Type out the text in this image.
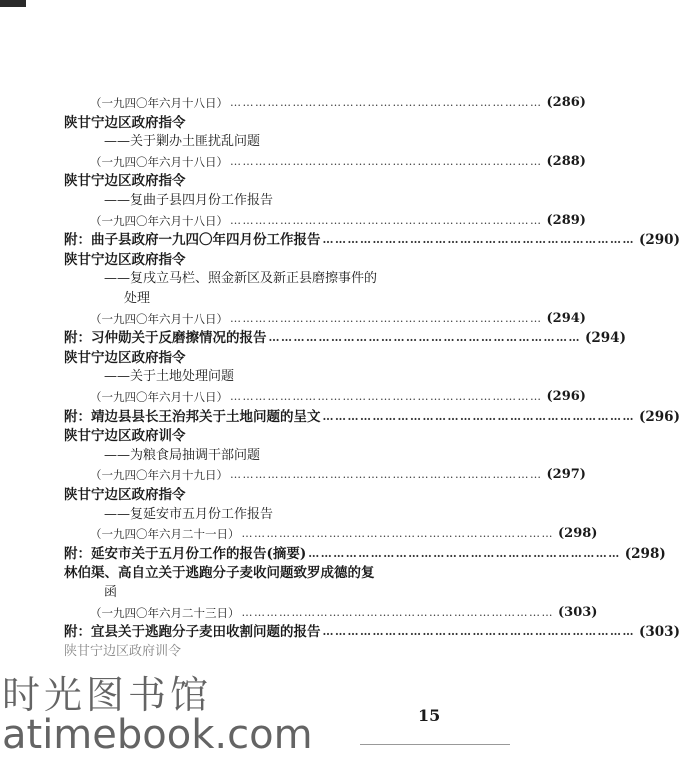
（一九四〇年六月十八日） ………………………………………………………………… (286)
陕甘宁边区政府指令
——关于剿办土匪扰乱问题
（一九四〇年六月十八日） ………………………………………………………………… (288)
陕甘宁边区政府指令
——复曲子县四月份工作报告
（一九四〇年六月十八日） ………………………………………………………………… (289)
附：曲子县政府一九四〇年四月份工作报告 ………………………………………………………………… (290)
陕甘宁边区政府指令
——复戌立马栏、照金新区及新正县磨擦事件的
处理
（一九四〇年六月十八日） ………………………………………………………………… (294)
附：习仲勋关于反磨擦情况的报告 ………………………………………………………………… (294)
陕甘宁边区政府指令
——关于土地处理问题
（一九四〇年六月十八日） ………………………………………………………………… (296)
附：靖边县县长王治邦关于土地问题的呈文 ………………………………………………………………… (296)
陕甘宁边区政府训令
——为粮食局抽调干部问题
（一九四〇年六月十九日） ………………………………………………………………… (297)
陕甘宁边区政府指令
——复延安市五月份工作报告
（一九四〇年六月二十一日） ………………………………………………………………… (298)
附：延安市关于五月份工作的报告(摘要) ………………………………………………………………… (298)
林伯渠、高自立关于逃跑分子麦收问题致罗成德的复
函
（一九四〇年六月二十三日） ………………………………………………………………… (303)
附：宜县关于逃跑分子麦田收割问题的报告 ………………………………………………………………… (303)
陕甘宁边区政府训令
15
时光图书馆
atimebook.com
